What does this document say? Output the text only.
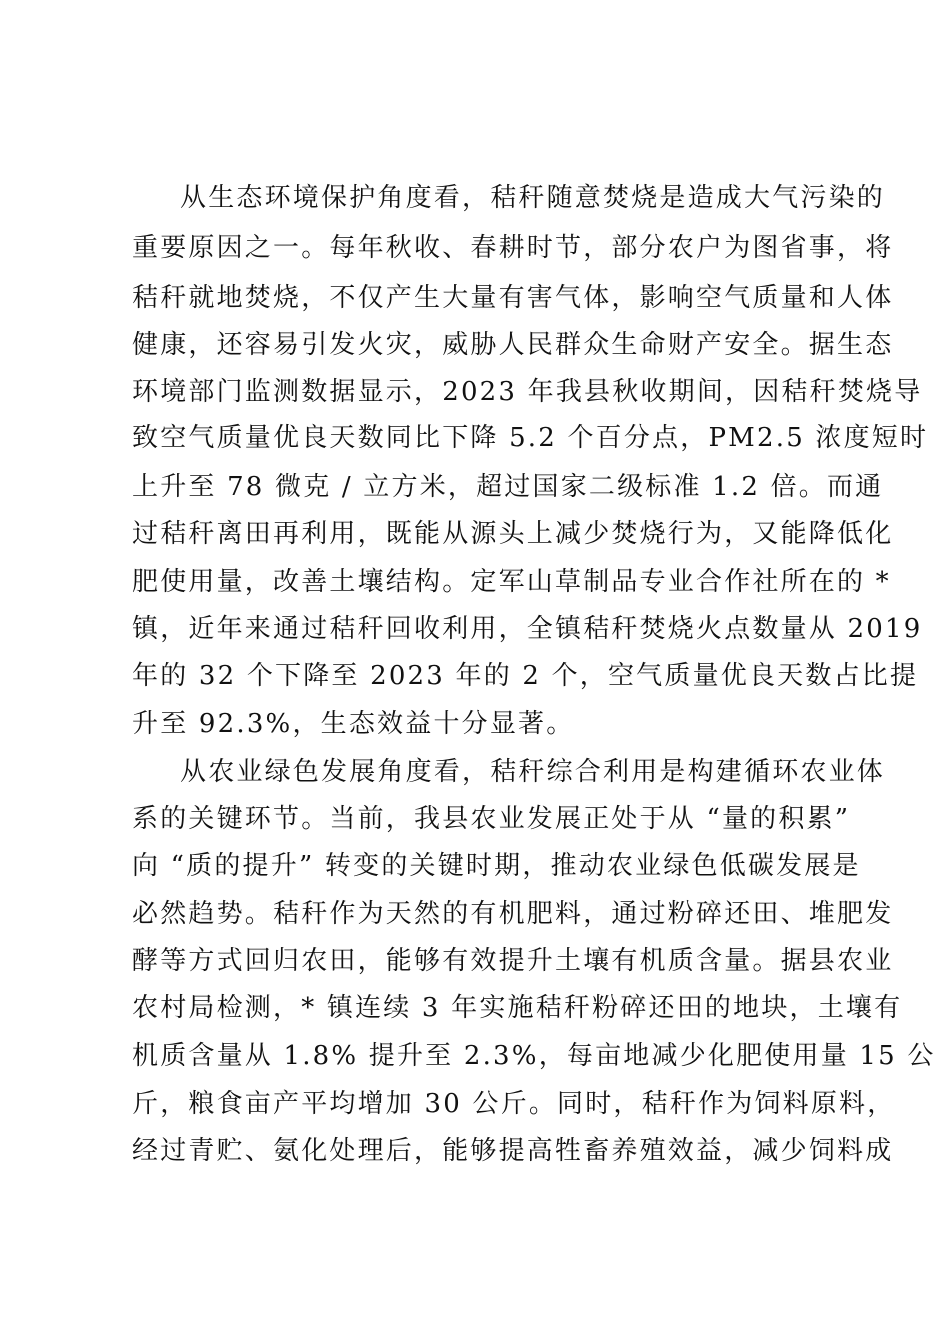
从生态环境保护角度看，秸秆随意焚烧是造成大气污染的
重要原因之一。每年秋收、春耕时节，部分农户为图省事，将
秸秆就地焚烧，不仅产生大量有害气体，影响空气质量和人体
健康，还容易引发火灾，威胁人民群众生命财产安全。据生态
环境部门监测数据显示，2023 年我县秋收期间，因秸秆焚烧导
致空气质量优良天数同比下降 5.2 个百分点，PM2.5 浓度短时
上升至 78 微克 / 立方米，超过国家二级标准 1.2 倍。而通
过秸秆离田再利用，既能从源头上减少焚烧行为，又能降低化
肥使用量，改善土壤结构。定军山草制品专业合作社所在的 *
镇，近年来通过秸秆回收利用，全镇秸秆焚烧火点数量从 2019
年的 32 个下降至 2023 年的 2 个，空气质量优良天数占比提
升至 92.3%，生态效益十分显著。
从农业绿色发展角度看，秸秆综合利用是构建循环农业体
系的关键环节。当前，我县农业发展正处于从 “量的积累”
向 “质的提升” 转变的关键时期，推动农业绿色低碳发展是
必然趋势。秸秆作为天然的有机肥料，通过粉碎还田、堆肥发
酵等方式回归农田，能够有效提升土壤有机质含量。据县农业
农村局检测，* 镇连续 3 年实施秸秆粉碎还田的地块，土壤有
机质含量从 1.8% 提升至 2.3%，每亩地减少化肥使用量 15 公
斤，粮食亩产平均增加 30 公斤。同时，秸秆作为饲料原料，
经过青贮、氨化处理后，能够提高牲畜养殖效益，减少饲料成
